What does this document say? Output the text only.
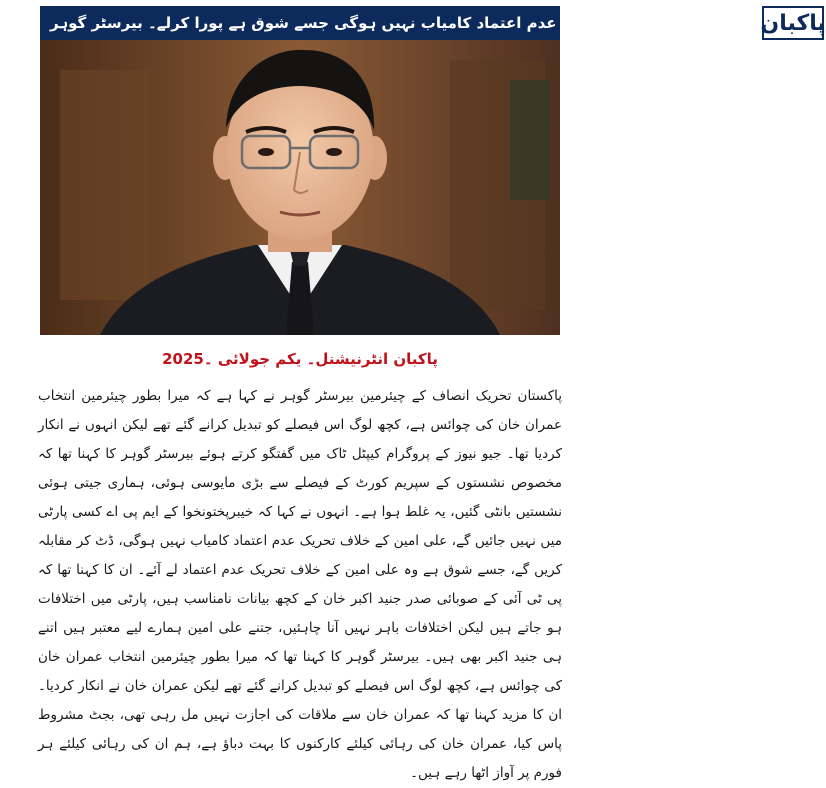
پاکبان
علی امین کے خلاف تحریک عدم اعتماد کامیاب نہیں ہوگی جسے شوق ہے پورا کرلے۔ بیرسٹر گوہر
پاکبان انٹرنیشنل۔ یکم جولائی ۔2025

پاکستان تحریک انصاف کے چیئرمین بیرسٹر گوہر نے کہا ہے کہ میرا بطور چیئرمین انتخاب عمران خان کی چوائس ہے، کچھ لوگ اس فیصلے کو تبدیل کرانے گئے تھے لیکن انہوں نے انکار کردیا تھا۔ جیو نیوز کے پروگرام کیپٹل ٹاک میں گفتگو کرتے ہوئے بیرسٹر گوہر کا کہنا تھا کہ مخصوص نشستوں کے سپریم کورٹ کے فیصلے سے بڑی مایوسی ہوئی، ہماری جیتی ہوئی نشستیں بانٹی گئیں، یہ غلط ہوا ہے۔ انہوں نے کہا کہ خیبرپختونخوا کے ایم پی اے کسی پارٹی میں نہیں جائیں گے، علی امین کے خلاف تحریک عدم اعتماد کامیاب نہیں ہوگی، ڈٹ کر مقابلہ کریں گے، جسے شوق ہے وہ علی امین کے خلاف تحریک عدم اعتماد لے آئے۔ ان کا کہنا تھا کہ پی ٹی آئی کے صوبائی صدر جنید اکبر خان کے کچھ بیانات نامناسب ہیں، پارٹی میں اختلافات ہو جاتے ہیں لیکن اختلافات باہر نہیں آنا چاہئیں، جتنے علی امین ہمارے لیے معتبر ہیں اتنے ہی جنید اکبر بھی ہیں۔ بیرسٹر گوہر کا کہنا تھا کہ میرا بطور چیئرمین انتخاب عمران خان کی چوائس ہے، کچھ لوگ اس فیصلے کو تبدیل کرانے گئے تھے لیکن عمران خان نے انکار کردیا۔ ان کا مزید کہنا تھا کہ عمران خان سے ملاقات کی اجازت نہیں مل رہی تھی، بجٹ مشروط پاس کیا، عمران خان کی رہائی کیلئے کارکنوں کا بہت دباؤ ہے، ہم ان کی رہائی کیلئے ہر فورم پر آواز اٹھا رہے ہیں۔
